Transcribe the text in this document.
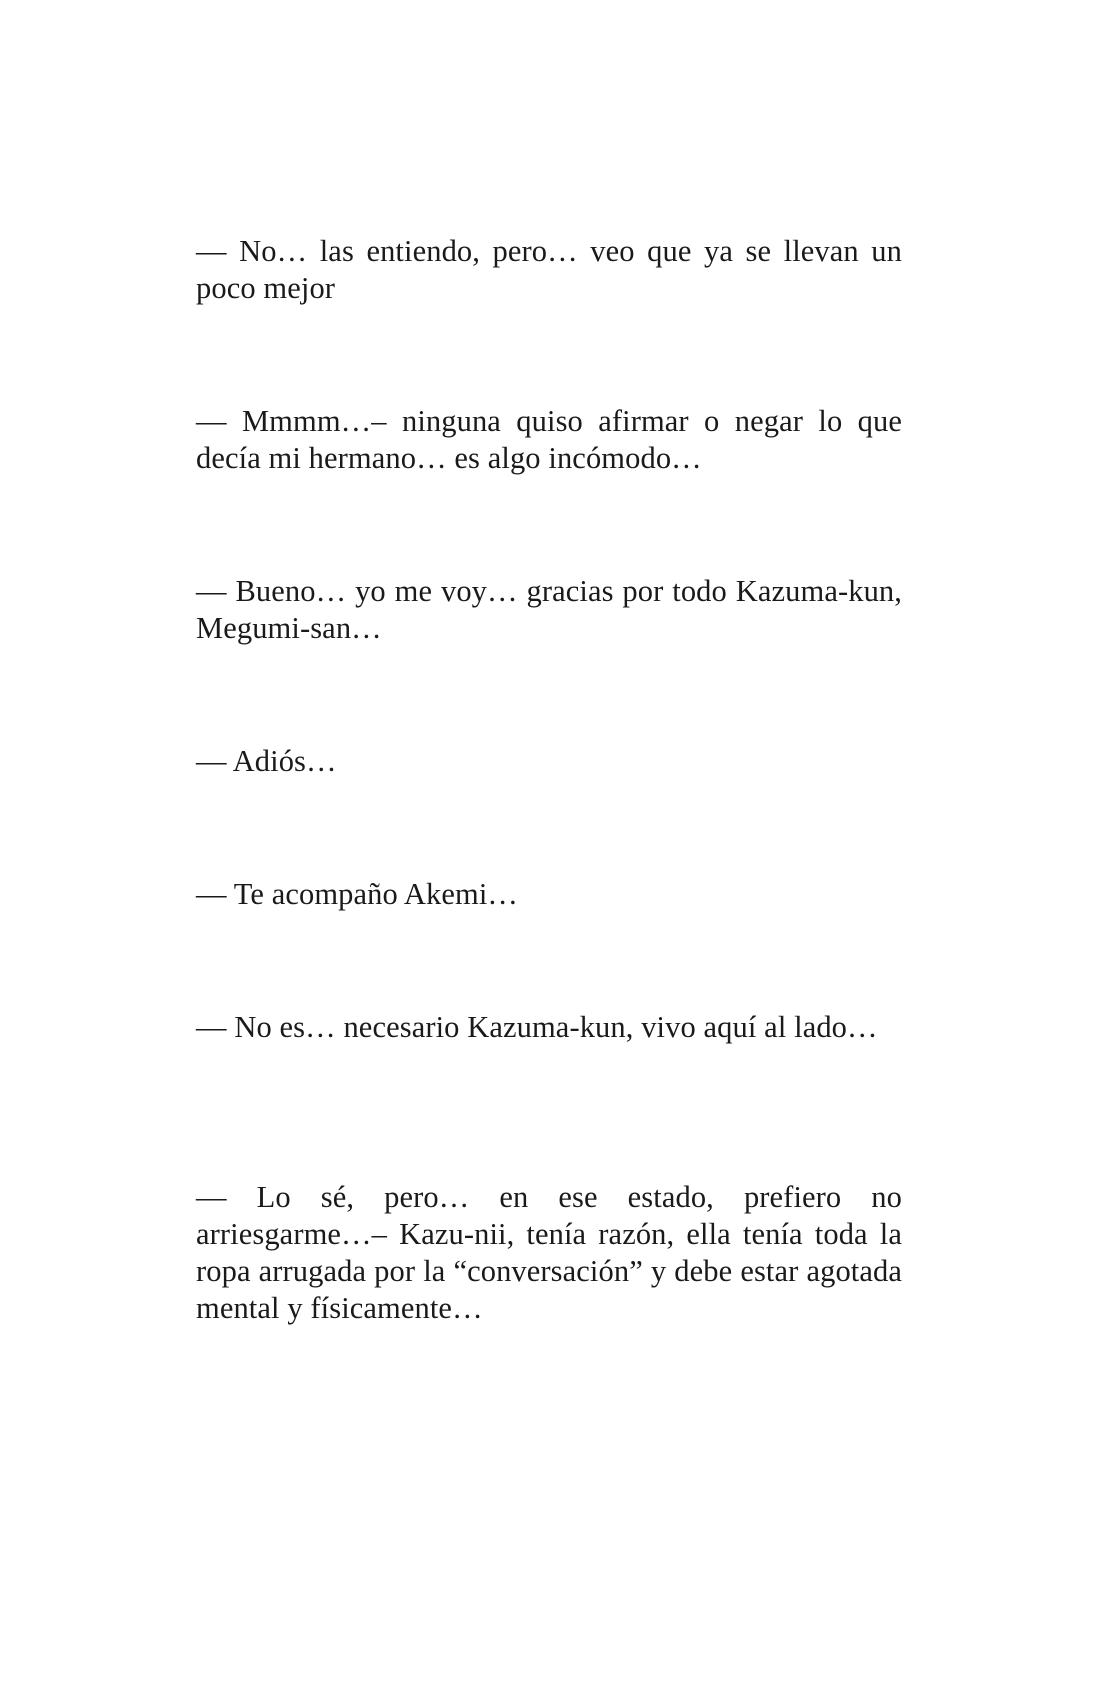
— No… las entiendo, pero… veo que ya se llevan un poco mejor

— Mmmm…– ninguna quiso afirmar o negar lo que decía mi hermano… es algo incómodo…

— Bueno… yo me voy… gracias por todo Kazuma-kun, Megumi-san…

— Adiós…

— Te acompaño Akemi…

— No es… necesario Kazuma-kun, vivo aquí al lado…

— Lo sé, pero… en ese estado, prefiero no arriesgarme…– Kazu-nii, tenía razón, ella tenía toda la ropa arrugada por la “conversación” y debe estar agotada mental y físicamente…
